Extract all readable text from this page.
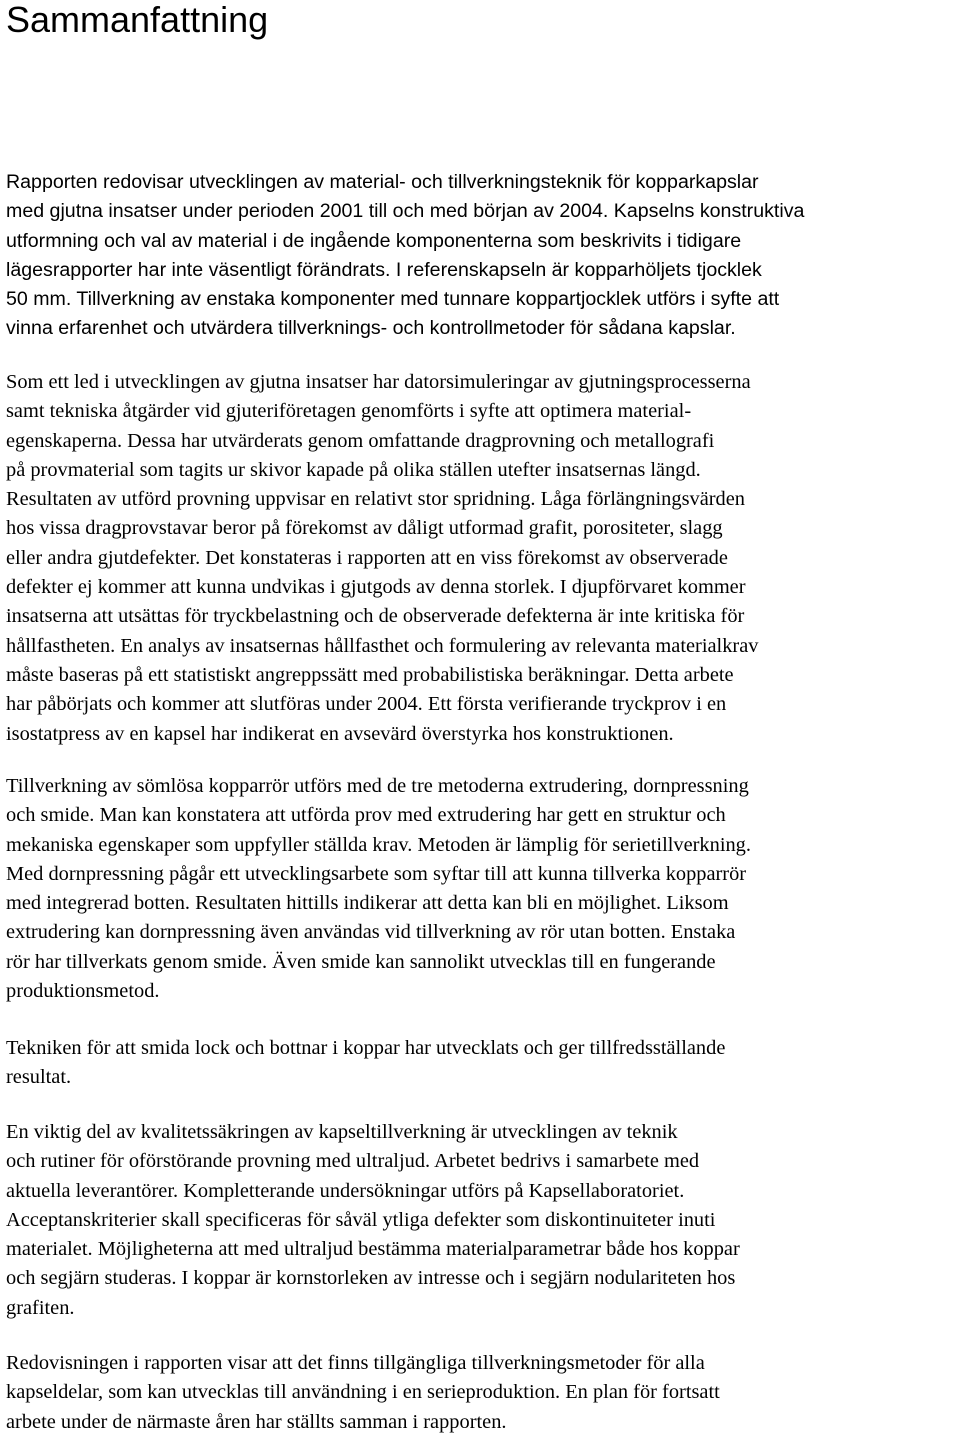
Sammanfattning
Rapporten redovisar utvecklingen av material- och tillverkningsteknik för kopparkapslar
med gjutna insatser under perioden 2001 till och med början av 2004. Kapselns konstruktiva
utformning och val av material i de ingående komponenterna som beskrivits i tidigare
lägesrapporter har inte väsentligt förändrats. I referenskapseln är kopparhöljets tjocklek
50 mm. Tillverkning av enstaka komponenter med tunnare koppartjocklek utförs i syfte att
vinna erfarenhet och utvärdera tillverknings- och kontrollmetoder för sådana kapslar.
Som ett led i utvecklingen av gjutna insatser har datorsimuleringar av gjutningsprocesserna
samt tekniska åtgärder vid gjuteriföretagen genomförts i syfte att optimera material-
egenskaperna. Dessa har utvärderats genom omfattande dragprovning och metallografi
på provmaterial som tagits ur skivor kapade på olika ställen utefter insatsernas längd.
Resultaten av utförd provning uppvisar en relativt stor spridning. Låga förlängningsvärden
hos vissa dragprovstavar beror på förekomst av dåligt utformad grafit, porositeter, slagg
eller andra gjutdefekter. Det konstateras i rapporten att en viss förekomst av observerade
defekter ej kommer att kunna undvikas i gjutgods av denna storlek. I djupförvaret kommer
insatserna att utsättas för tryckbelastning och de observerade defekterna är inte kritiska för
hållfastheten. En analys av insatsernas hållfasthet och formulering av relevanta materialkrav
måste baseras på ett statistiskt angreppssätt med probabilistiska beräkningar. Detta arbete
har påbörjats och kommer att slutföras under 2004. Ett första verifierande tryckprov i en
isostatpress av en kapsel har indikerat en avsevärd överstyrka hos konstruktionen.
Tillverkning av sömlösa kopparrör utförs med de tre metoderna extrudering, dornpressning
och smide. Man kan konstatera att utförda prov med extrudering har gett en struktur och
mekaniska egenskaper som uppfyller ställda krav. Metoden är lämplig för serietillverkning.
Med dornpressning pågår ett utvecklingsarbete som syftar till att kunna tillverka kopparrör
med integrerad botten. Resultaten hittills indikerar att detta kan bli en möjlighet. Liksom
extrudering kan dornpressning även användas vid tillverkning av rör utan botten. Enstaka
rör har tillverkats genom smide. Även smide kan sannolikt utvecklas till en fungerande
produktionsmetod.
Tekniken för att smida lock och bottnar i koppar har utvecklats och ger tillfredsställande
resultat.
En viktig del av kvalitetssäkringen av kapseltillverkning är utvecklingen av teknik
och rutiner för oförstörande provning med ultraljud. Arbetet bedrivs i samarbete med
aktuella leverantörer. Kompletterande undersökningar utförs på Kapsellaboratoriet.
Acceptanskriterier skall specificeras för såväl ytliga defekter som diskontinuiteter inuti
materialet. Möjligheterna att med ultraljud bestämma materialparametrar både hos koppar
och segjärn studeras. I koppar är kornstorleken av intresse och i segjärn nodulariteten hos
grafiten.
Redovisningen i rapporten visar att det finns tillgängliga tillverkningsmetoder för alla
kapseldelar, som kan utvecklas till användning i en serieproduktion. En plan för fortsatt
arbete under de närmaste åren har ställts samman i rapporten.
